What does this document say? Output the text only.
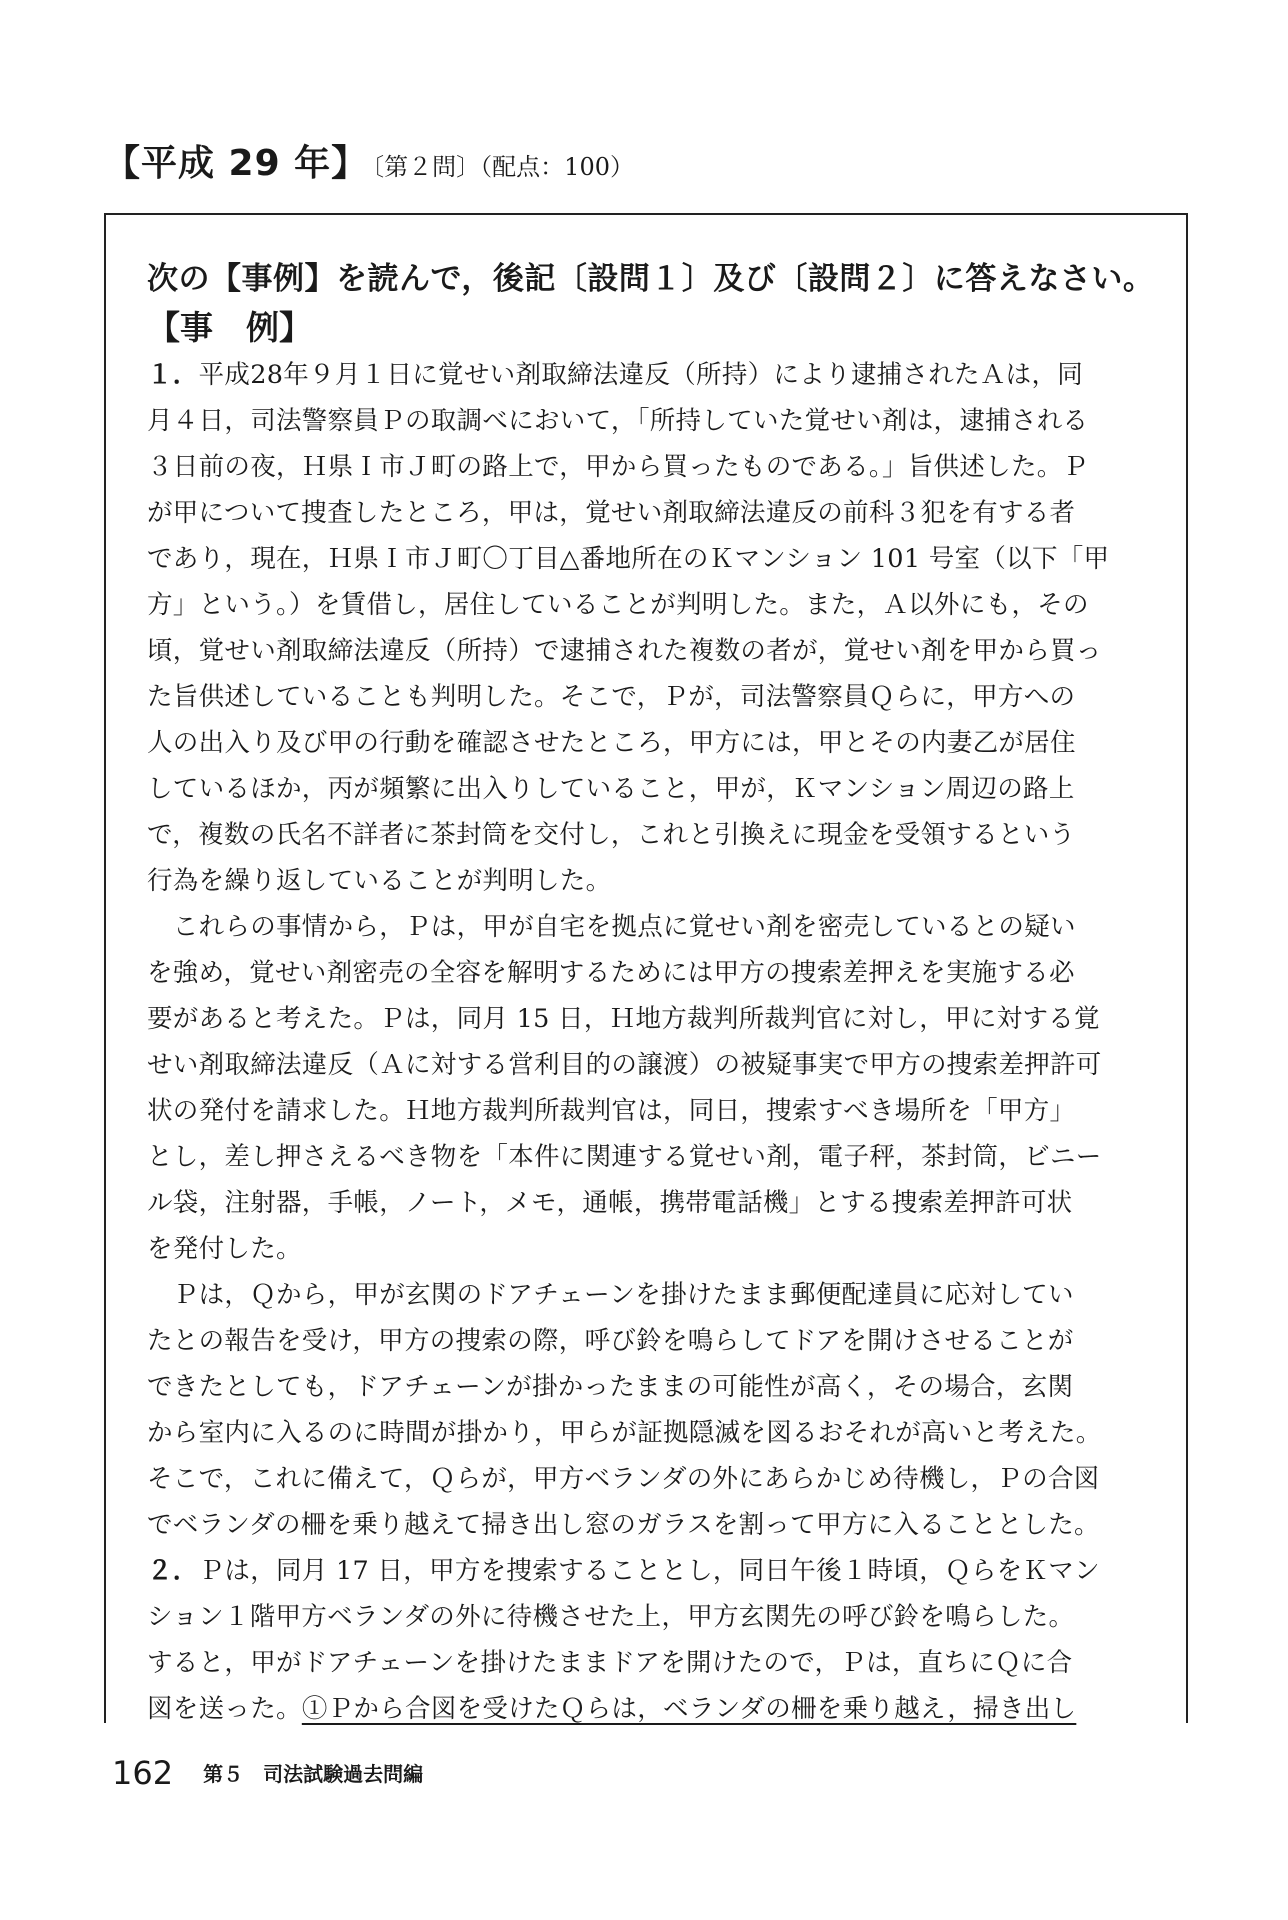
【平成 29 年】 〔第２問〕（配点：100）
次の【事例】を読んで，後記〔設問１〕及び〔設問２〕に答えなさい。
【事　例】
１．平成28年９月１日に覚せい剤取締法違反（所持）により逮捕されたＡは，同
月４日，司法警察員Ｐの取調べにおいて，「所持していた覚せい剤は，逮捕される
３日前の夜，Ｈ県Ｉ市Ｊ町の路上で，甲から買ったものである。」旨供述した。Ｐ
が甲について捜査したところ，甲は，覚せい剤取締法違反の前科３犯を有する者
であり，現在，Ｈ県Ｉ市Ｊ町〇丁目△番地所在のＫマンション 101 号室（以下「甲
方」という。）を賃借し，居住していることが判明した。また，Ａ以外にも，その
頃，覚せい剤取締法違反（所持）で逮捕された複数の者が，覚せい剤を甲から買っ
た旨供述していることも判明した。そこで，Ｐが，司法警察員Ｑらに，甲方への
人の出入り及び甲の行動を確認させたところ，甲方には，甲とその内妻乙が居住
しているほか，丙が頻繁に出入りしていること，甲が，Ｋマンション周辺の路上
で，複数の氏名不詳者に茶封筒を交付し，これと引換えに現金を受領するという
行為を繰り返していることが判明した。
　これらの事情から，Ｐは，甲が自宅を拠点に覚せい剤を密売しているとの疑い
を強め，覚せい剤密売の全容を解明するためには甲方の捜索差押えを実施する必
要があると考えた。Ｐは，同月 15 日，Ｈ地方裁判所裁判官に対し，甲に対する覚
せい剤取締法違反（Ａに対する営利目的の譲渡）の被疑事実で甲方の捜索差押許可
状の発付を請求した。Ｈ地方裁判所裁判官は，同日，捜索すべき場所を「甲方」
とし，差し押さえるべき物を「本件に関連する覚せい剤，電子秤，茶封筒，ビニー
ル袋，注射器，手帳，ノート，メモ，通帳，携帯電話機」とする捜索差押許可状
を発付した。
　Ｐは，Ｑから，甲が玄関のドアチェーンを掛けたまま郵便配達員に応対してい
たとの報告を受け，甲方の捜索の際，呼び鈴を鳴らしてドアを開けさせることが
できたとしても，ドアチェーンが掛かったままの可能性が高く，その場合，玄関
から室内に入るのに時間が掛かり，甲らが証拠隠滅を図るおそれが高いと考えた。
そこで，これに備えて，Ｑらが，甲方ベランダの外にあらかじめ待機し，Ｐの合図
でベランダの柵を乗り越えて掃き出し窓のガラスを割って甲方に入ることとした。
２．Ｐは，同月 17 日，甲方を捜索することとし，同日午後１時頃，ＱらをＫマン
ション１階甲方ベランダの外に待機させた上，甲方玄関先の呼び鈴を鳴らした。
すると，甲がドアチェーンを掛けたままドアを開けたので，Ｐは，直ちにＱに合
図を送った。①Ｐから合図を受けたＱらは，ベランダの柵を乗り越え，掃き出し
162 第５　司法試験過去問編
